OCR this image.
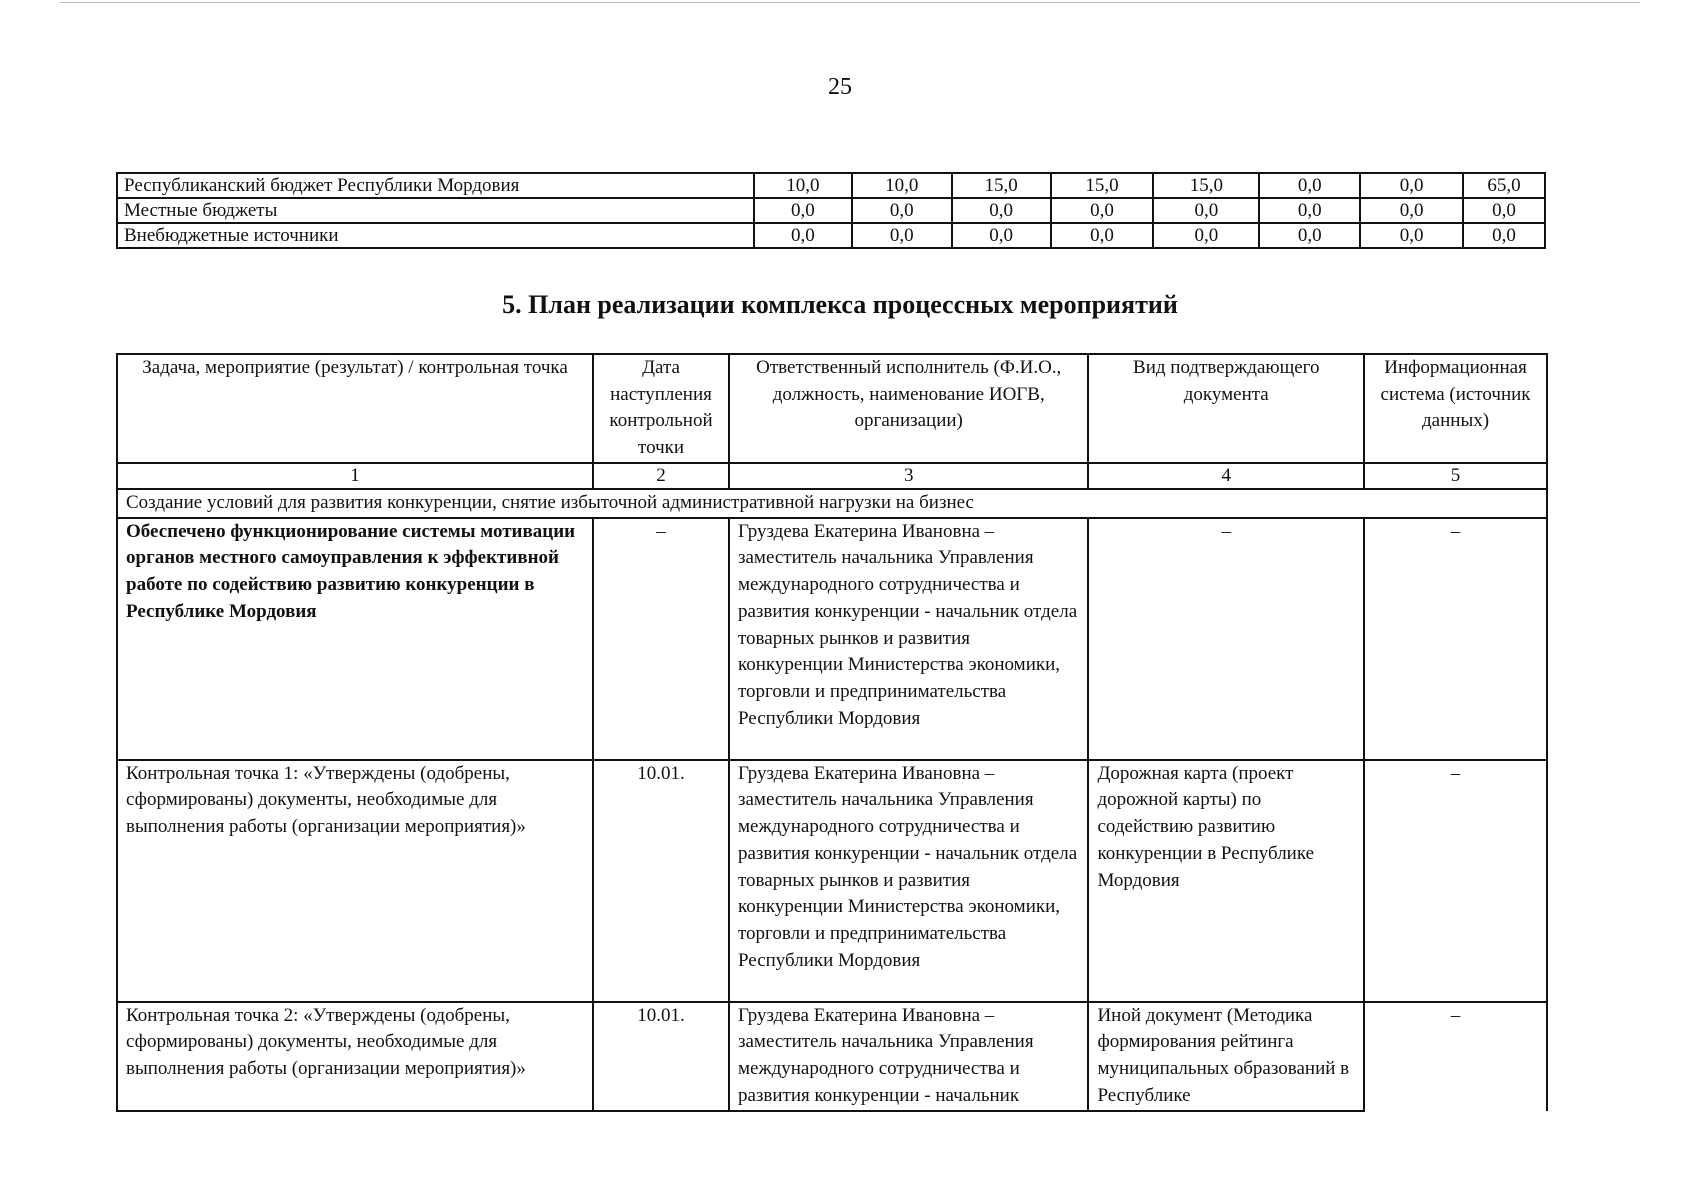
25
Республиканский бюджет Республики Мордовия	10,0	10,0	15,0	15,0	15,0	0,0	0,0	65,0
Местные бюджеты	0,0	0,0	0,0	0,0	0,0	0,0	0,0	0,0
Внебюджетные источники	0,0	0,0	0,0	0,0	0,0	0,0	0,0	0,0
5. План реализации комплекса процессных мероприятий
Задача, мероприятие (результат) / контрольная точка	Дата наступления контрольной точки	Ответственный исполнитель (Ф.И.О., должность, наименование ИОГВ, организации)	Вид подтверждающего документа	Информационная система (источник данных)
1	2	3	4	5
Создание условий для развития конкуренции, снятие избыточной административной нагрузки на бизнес				
Обеспечено функционирование системы мотивации органов местного самоуправления к эффективной работе по содействию развитию конкуренции в Республике Мордовия	–	Груздева Екатерина Ивановна – заместитель начальника Управления международного сотрудничества и развития конкуренции - начальник отдела товарных рынков и развития конкуренции Министерства экономики, торговли и предпринимательства Республики Мордовия	–	–
Контрольная точка 1: «Утверждены (одобрены, сформированы) документы, необходимые для выполнения работы (организации мероприятия)»	10.01.	Груздева Екатерина Ивановна – заместитель начальника Управления международного сотрудничества и развития конкуренции - начальник отдела товарных рынков и развития конкуренции Министерства экономики, торговли и предпринимательства Республики Мордовия	Дорожная карта (проект дорожной карты) по содействию развитию конкуренции в Республике Мордовия	–
Контрольная точка 2: «Утверждены (одобрены, сформированы) документы, необходимые для выполнения работы (организации мероприятия)»	10.01.	Груздева Екатерина Ивановна – заместитель начальника Управления международного сотрудничества и развития конкуренции - начальник	Иной документ (Методика формирования рейтинга муниципальных образований в Республике	–
